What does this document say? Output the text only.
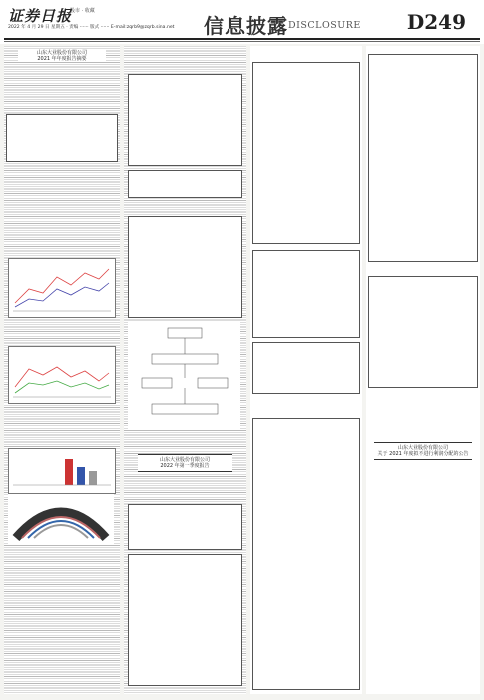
证券日报
股市 · 收藏
2022 年 4 月 29 日 星期五 · 责编 ······ 版式 ······ E-mail:zqrb9@zqrb.sina.net 信息披露 DISCLOSURE D249
山东大业股份有限公司
2021 年年度报告摘要
山东大业股份有限公司
2022 年第一季度报告
山东大业股份有限公司
关于 2021 年度拟不进行利润分配的公告
